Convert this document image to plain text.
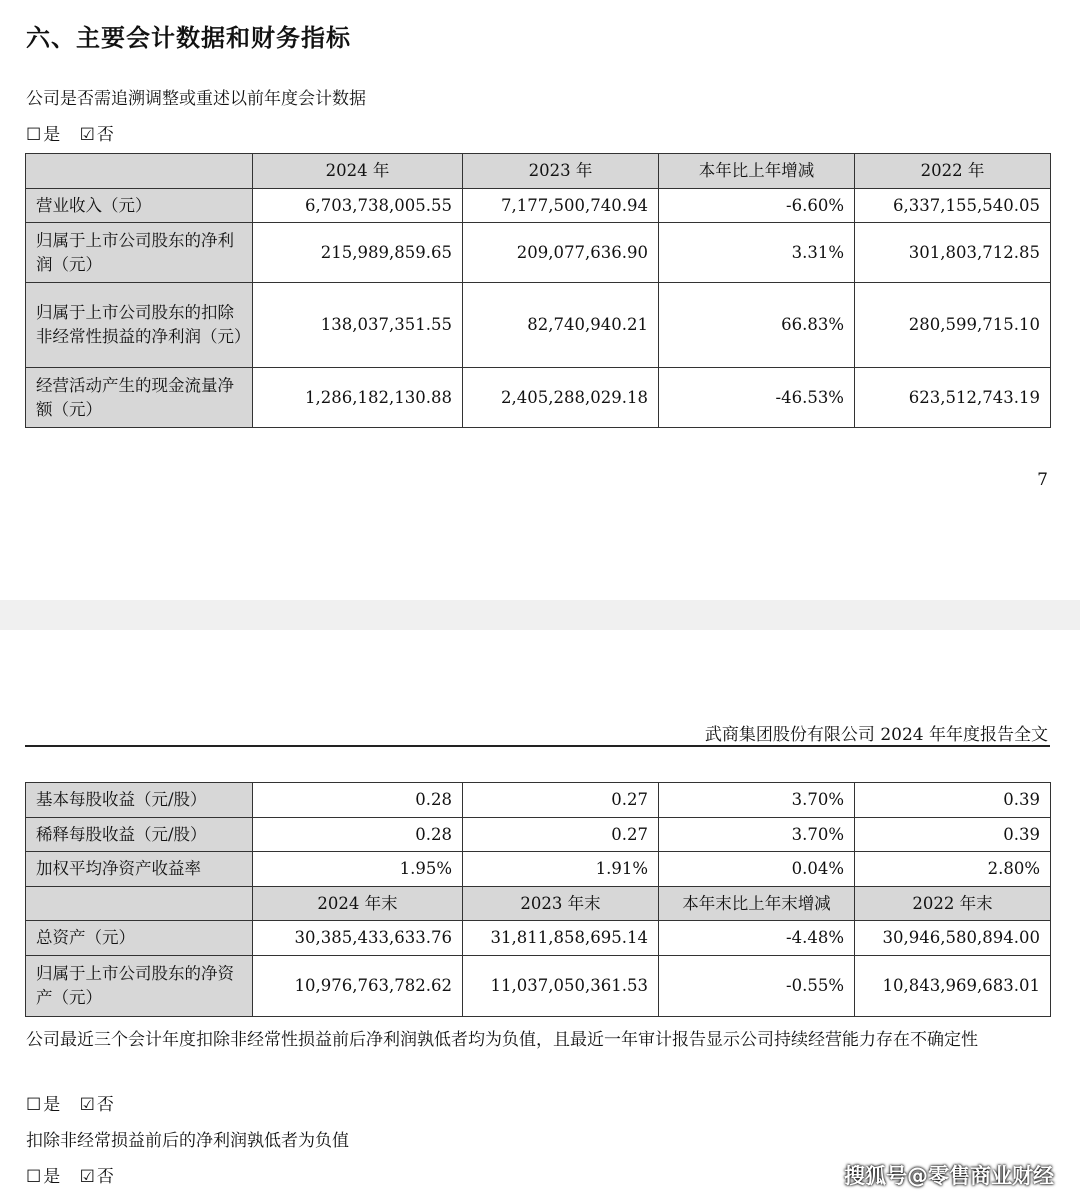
六、主要会计数据和财务指标
公司是否需追溯调整或重述以前年度会计数据
☐ 是 ☑ 否
	2024 年	2023 年	本年比上年增减	2022 年
营业收入（元）	6,703,738,005.55	7,177,500,740.94	-6.60%	6,337,155,540.05
归属于上市公司股东的净利润（元）	215,989,859.65	209,077,636.90	3.31%	301,803,712.85
归属于上市公司股东的扣除非经常性损益的净利润（元）	138,037,351.55	82,740,940.21	66.83%	280,599,715.10
经营活动产生的现金流量净额（元）	1,286,182,130.88	2,405,288,029.18	-46.53%	623,512,743.19
7
武商集团股份有限公司 2024 年年度报告全文
基本每股收益（元/股）	0.28	0.27	3.70%	0.39
稀释每股收益（元/股）	0.28	0.27	3.70%	0.39
加权平均净资产收益率	1.95%	1.91%	0.04%	2.80%
	2024 年末	2023 年末	本年末比上年末增减	2022 年末
总资产（元）	30,385,433,633.76	31,811,858,695.14	-4.48%	30,946,580,894.00
归属于上市公司股东的净资产（元）	10,976,763,782.62	11,037,050,361.53	-0.55%	10,843,969,683.01
公司最近三个会计年度扣除非经常性损益前后净利润孰低者均为负值，且最近一年审计报告显示公司持续经营能力存在不确定性
☐ 是 ☑ 否
扣除非经常损益前后的净利润孰低者为负值
☐ 是 ☑ 否	搜狐号@零售商业财经
